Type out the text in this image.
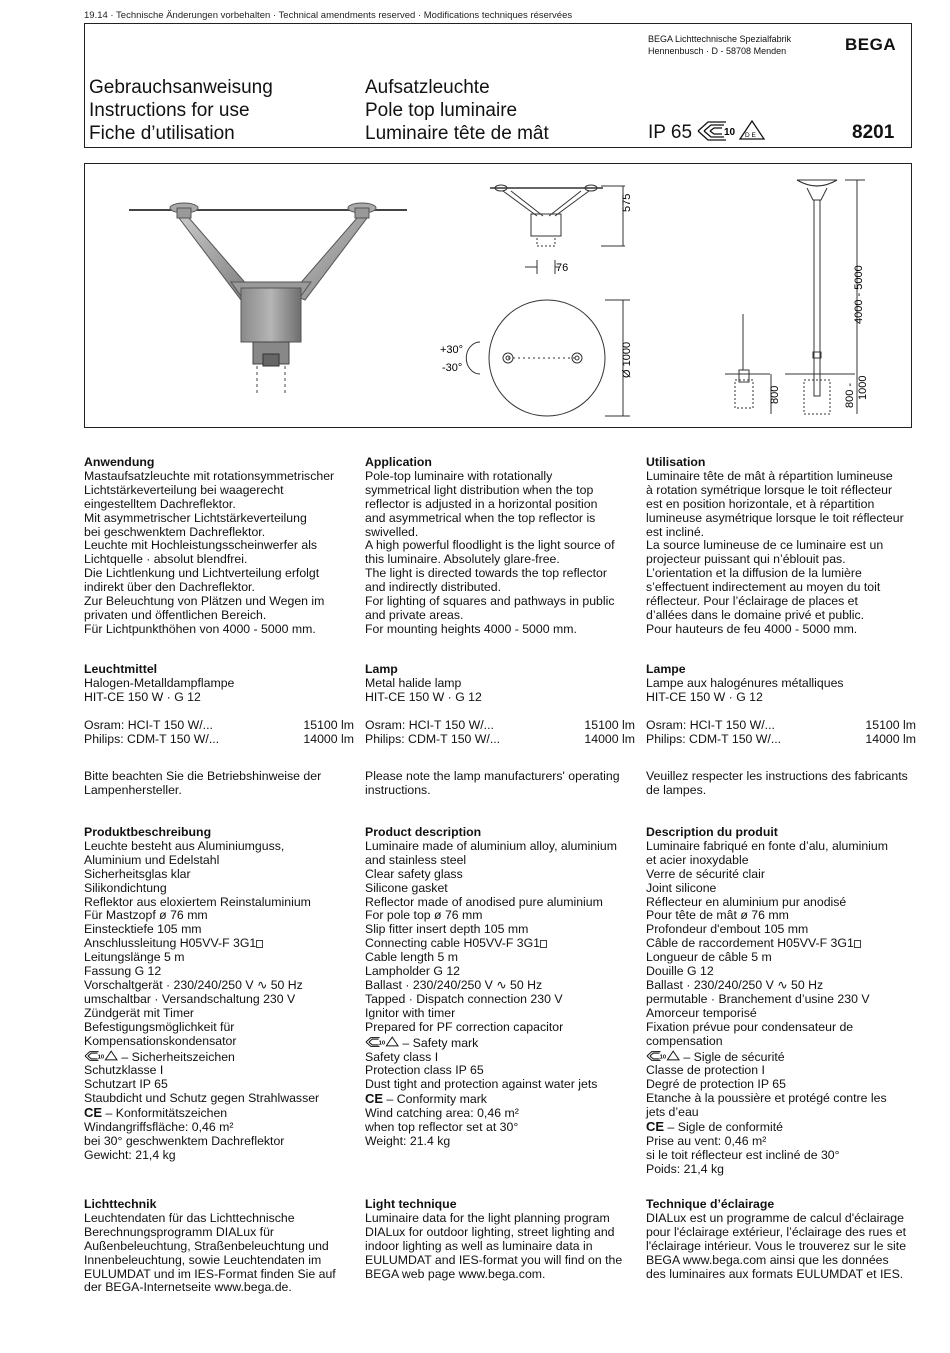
19.14 · Technische Änderungen vorbehalten · Technical amendments reserved · Modifications techniques réservées
BEGA Lichttechnische Spezialfabrik
Hennenbusch · D - 58708 Menden	BEGA
Gebrauchsanweisung
Instructions for use
Fiche d’utilisation
Aufsatzleuchte
Pole top luminaire
Luminaire tête de mât	IP 65	10 D E	8201
575
76
+30°
-30°	Ø 1000
4000 - 5000
800	800 - 1000
Anwendung
Mastaufsatzleuchte mit rotationsymmetrischer
Lichtstärkeverteilung bei waagerecht
eingestelltem Dachreflektor.
Mit asymmetrischer Lichtstärkeverteilung
bei geschwenktem Dachreflektor.
Leuchte mit Hochleistungsscheinwerfer als
Lichtquelle · absolut blendfrei.
Die Lichtlenkung und Lichtverteilung erfolgt
indirekt über den Dachreflektor.
Zur Beleuchtung von Plätzen und Wegen im
privaten und öffentlichen Bereich.
Für Lichtpunkthöhen von 4000 - 5000 mm.
Leuchtmittel
Halogen-Metalldampflampe
HIT-CE 150 W · G 12
Osram: HCI-T 150 W/...	15100 lm
Philips: CDM-T 150 W/...	14000 lm
Bitte beachten Sie die Betriebshinweise der
Lampenhersteller.
Produktbeschreibung
Leuchte besteht aus Aluminiumguss,
Aluminium und Edelstahl
Sicherheitsglas klar
Silikondichtung
Reflektor aus eloxiertem Reinstaluminium
Für Mastzopf ø 76 mm
Einstecktiefe 105 mm
Anschlussleitung H05VV-F 3G1
Leitungslänge 5 m
Fassung G 12
Vorschaltgerät · 230/240/250 V ∿ 50 Hz
umschaltbar · Versandschaltung 230 V
Zündgerät mit Timer
Befestigungsmöglichkeit für
Kompensationskondensator
10 – Sicherheitszeichen
Schutzklasse I
Schutzart IP 65
Staubdicht und Schutz gegen Strahlwasser
CE – Konformitätszeichen
Windangriffsfläche: 0,46 m²
bei 30° geschwenktem Dachreflektor
Gewicht: 21,4 kg
Lichttechnik
Leuchtendaten für das Lichttechnische
Berechnungsprogramm DIALux für
Außenbeleuchtung, Straßenbeleuchtung und
Innenbeleuchtung, sowie Leuchtendaten im
EULUMDAT und im IES-Format finden Sie auf
der BEGA-Internetseite www.bega.de.
Application
Pole-top luminaire with rotationally
symmetrical light distribution when the top
reflector is adjusted in a horizontal position
and asymmetrical when the top reflector is
swivelled.
A high powerful floodlight is the light source of
this luminaire. Absolutely glare-free.
The light is directed towards the top reflector
and indirectly distributed.
For lighting of squares and pathways in public
and private areas.
For mounting heights 4000 - 5000 mm.
Lamp
Metal halide lamp
HIT-CE 150 W · G 12
Osram: HCI-T 150 W/...	15100 lm
Philips: CDM-T 150 W/...	14000 lm
Please note the lamp manufacturers' operating
instructions.
Product description
Luminaire made of aluminium alloy, aluminium
and stainless steel
Clear safety glass
Silicone gasket
Reflector made of anodised pure aluminium
For pole top ø 76 mm
Slip fitter insert depth 105 mm
Connecting cable H05VV-F 3G1
Cable length 5 m
Lampholder G 12
Ballast · 230/240/250 V ∿ 50 Hz
Tapped · Dispatch connection 230 V
Ignitor with timer
Prepared for PF correction capacitor
10 – Safety mark
Safety class I
Protection class IP 65
Dust tight and protection against water jets
CE – Conformity mark
Wind catching area: 0,46 m²
when top reflector set at 30°
Weight: 21.4 kg
Light technique
Luminaire data for the light planning program
DIALux for outdoor lighting, street lighting and
indoor lighting as well as luminaire data in
EULUMDAT and IES-format you will find on the
BEGA web page www.bega.com.
Utilisation
Luminaire tête de mât à répartition lumineuse
à rotation symétrique lorsque le toit réflecteur
est en position horizontale, et à répartition
lumineuse asymétrique lorsque le toit réflecteur
est incliné.
La source lumineuse de ce luminaire est un
projecteur puissant qui n’éblouit pas.
L’orientation et la diffusion de la lumière
s’effectuent indirectement au moyen du toit
réflecteur. Pour l’éclairage de places et
d’allées dans le domaine privé et public.
Pour hauteurs de feu 4000 - 5000 mm.
Lampe
Lampe aux halogénures métalliques
HIT-CE 150 W · G 12
Osram: HCI-T 150 W/...	15100 lm
Philips: CDM-T 150 W/...	14000 lm
Veuillez respecter les instructions des fabricants
de lampes.
Description du produit
Luminaire fabriqué en fonte d’alu, aluminium
et acier inoxydable
Verre de sécurité clair
Joint silicone
Réflecteur en aluminium pur anodisé
Pour tête de mât ø 76 mm
Profondeur d'embout 105 mm
Câble de raccordement H05VV-F 3G1
Longueur de câble 5 m
Douille G 12
Ballast · 230/240/250 V ∿ 50 Hz
permutable · Branchement d’usine 230 V
Amorceur temporisé
Fixation prévue pour condensateur de
compensation
10 – Sigle de sécurité
Classe de protection I
Degré de protection IP 65
Etanche à la poussière et protégé contre les
jets d’eau
CE – Sigle de conformité
Prise au vent: 0,46 m²
si le toit réflecteur est incliné de 30°
Poids: 21,4 kg
Technique d’éclairage
DIALux est un programme de calcul d'éclairage
pour l'éclairage extérieur, l’éclairage des rues et
l'éclairage intérieur. Vous le trouverez sur le site
BEGA www.bega.com ainsi que les données
des luminaires aux formats EULUMDAT et IES.
